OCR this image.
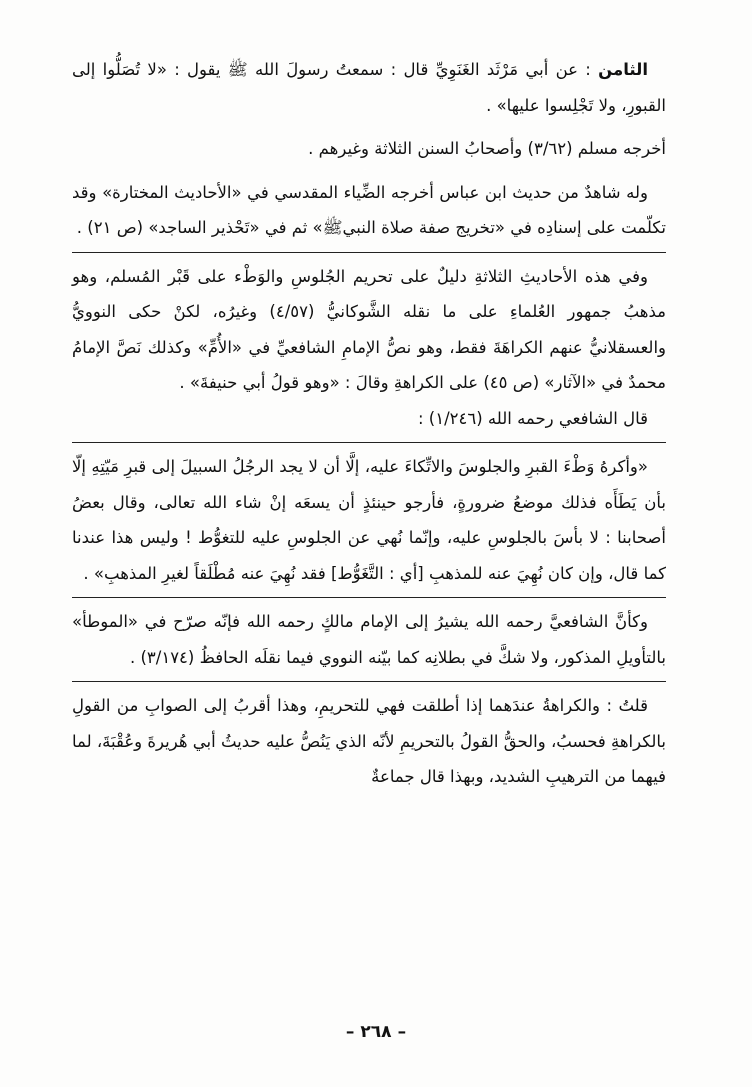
الثامن : عن أبي مَرْثَد الغَنَوِيِّ قال : سمعتُ رسولَ الله ﷺ يقول : «لا تُصَلُّوا إلى القبورِ، ولا تَجْلِسوا عليها» .

أخرجه مسلم (٣/٦٢) وأصحابُ السنن الثلاثة وغيرهم .

وله شاهدٌ من حديث ابن عباس أخرجه الضِّياء المقدسي في «الأحاديث المختارة» وقد تكلّمت على إسنادِه في «تخريج صفة صلاة النبيﷺ» ثم في «تَحْذير الساجد» (ص ٢١) .

وفي هذه الأحاديثِ الثلاثةِ دليلٌ على تحريم الجُلوسِ والوَطْء على قَبْر المُسلم، وهو مذهبُ جمهور العُلماءِ على ما نقله الشَّوكانيُّ (٤/٥٧) وغيرُه، لكنْ حكى النوويُّ والعسقلانيُّ عنهم الكراهَةَ فقط، وهو نصُّ الإمامِ الشافعيِّ في «الأُمِّ» وكذلك نَصَّ الإمامُ محمدٌ في «الآثار» (ص ٤٥) على الكراهةِ وقالَ : «وهو قولُ أبي حنيفةَ» .

قال الشافعي رحمه الله (١/٢٤٦) :

«وأكرهُ وَطْءَ القبرِ والجلوسَ والاتِّكاءَ عليه، إلَّا أن لا يجد الرجُلُ السبيلَ إلى قبرِ مَيّتِهِ إلّا بأن يَطَأَه فذلك موضعُ ضرورةٍ، فأرجو حينئذٍ أن يسعَه إنْ شاء الله تعالى، وقال بعضُ أصحابنا : لا بأسَ بالجلوسِ عليه، وإنّما نُهي عن الجلوسِ عليه للتغوُّط ! وليس هذا عندنا كما قال، وإن كان نُهِيَ عنه للمذهبِ [أي : التَّغَوُّط] فقد نُهِيَ عنه مُطْلَقاً لغيرِ المذهبِ» .

وكأنَّ الشافعيَّ رحمه الله يشيرُ إلى الإمام مالكٍ رحمه الله فإنّه صرّح في «الموطأ» بالتأويلِ المذكور، ولا شكَّ في بطلانِه كما بيّنه النووي فيما نقلَه الحافظُ (٣/١٧٤) .

قلتُ : والكراهةُ عندَهما إذا أطلقت فهي للتحريمِ، وهذا أقربُ إلى الصوابِ من القولِ بالكراهةِ فحسبُ، والحقُّ القولُ بالتحريمِ لأنّه الذي يَنُصُّ عليه حديثُ أبي هُريرةَ وعُقْبَةَ، لما فيهما من الترهيبِ الشديد، وبهذا قال جماعةٌ

–٢٦٨–
